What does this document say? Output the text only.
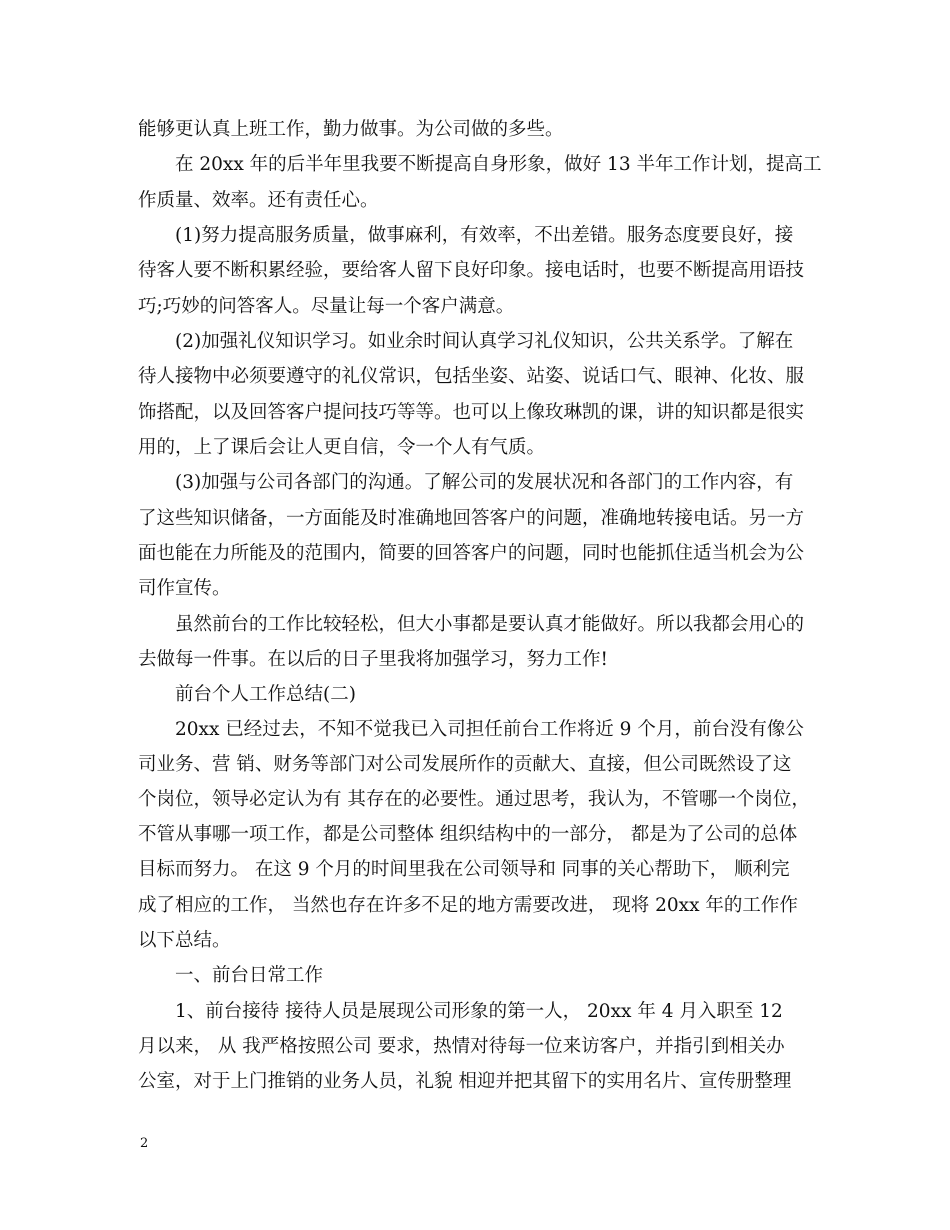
能够更认真上班工作，勤力做事。为公司做的多些。
　　在 20xx 年的后半年里我要不断提高自身形象，做好 13 半年工作计划，提高工
作质量、效率。还有责任心。
　　(1)努力提高服务质量，做事麻利，有效率，不出差错。服务态度要良好，接
待客人要不断积累经验，要给客人留下良好印象。接电话时，也要不断提高用语技
巧;巧妙的问答客人。尽量让每一个客户满意。
　　(2)加强礼仪知识学习。如业余时间认真学习礼仪知识，公共关系学。了解在
待人接物中必须要遵守的礼仪常识，包括坐姿、站姿、说话口气、眼神、化妆、服
饰搭配，以及回答客户提问技巧等等。也可以上像玫琳凯的课，讲的知识都是很实
用的，上了课后会让人更自信，令一个人有气质。
　　(3)加强与公司各部门的沟通。了解公司的发展状况和各部门的工作内容，有
了这些知识储备，一方面能及时准确地回答客户的问题，准确地转接电话。另一方
面也能在力所能及的范围内，简要的回答客户的问题，同时也能抓住适当机会为公
司作宣传。
　　虽然前台的工作比较轻松，但大小事都是要认真才能做好。所以我都会用心的
去做每一件事。在以后的日子里我将加强学习，努力工作!
　　前台个人工作总结(二)
　　20xx 已经过去，不知不觉我已入司担任前台工作将近 9 个月，前台没有像公
司业务、营 销、财务等部门对公司发展所作的贡献大、直接，但公司既然设了这
个岗位，领导必定认为有 其存在的必要性。通过思考，我认为，不管哪一个岗位，
不管从事哪一项工作，都是公司整体 组织结构中的一部分， 都是为了公司的总体
目标而努力。 在这 9 个月的时间里我在公司领导和 同事的关心帮助下， 顺利完
成了相应的工作， 当然也存在许多不足的地方需要改进， 现将 20xx 年的工作作
以下总结。
　　一、前台日常工作
　　1、前台接待 接待人员是展现公司形象的第一人， 20xx 年 4 月入职至 12
月以来， 从 我严格按照公司 要求，热情对待每一位来访客户，并指引到相关办
公室，对于上门推销的业务人员，礼貌 相迎并把其留下的实用名片、宣传册整理
2
